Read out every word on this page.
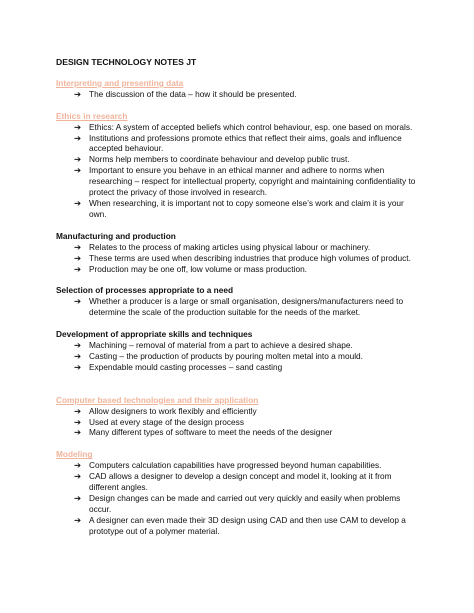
DESIGN TECHNOLOGY NOTES JT

Interpreting and presenting data

➔ The discussion of the data – how it should be presented.

Ethics in research

➔ Ethics: A system of accepted beliefs which control behaviour, esp. one based on morals.
➔ Institutions and professions promote ethics that reflect their aims, goals and influence accepted behaviour.
➔ Norms help members to coordinate behaviour and develop public trust.
➔ Important to ensure you behave in an ethical manner and adhere to norms when researching – respect for intellectual property, copyright and maintaining confidentiality to protect the privacy of those involved in research.
➔ When researching, it is important not to copy someone else’s work and claim it is your own.

Manufacturing and production

➔ Relates to the process of making articles using physical labour or machinery.
➔ These terms are used when describing industries that produce high volumes of product.
➔ Production may be one off, low volume or mass production.

Selection of processes appropriate to a need

➔ Whether a producer is a large or small organisation, designers/manufacturers need to determine the scale of the production suitable for the needs of the market.

Development of appropriate skills and techniques

➔ Machining – removal of material from a part to achieve a desired shape.
➔ Casting – the production of products by pouring molten metal into a mould.
➔ Expendable mould casting processes – sand casting

Computer based technologies and their application

➔ Allow designers to work flexibly and efficiently
➔ Used at every stage of the design process
➔ Many different types of software to meet the needs of the designer

Modeling

➔ Computers calculation capabilities have progressed beyond human capabilities.
➔ CAD allows a designer to develop a design concept and model it, looking at it from different angles.
➔ Design changes can be made and carried out very quickly and easily when problems occur.
➔ A designer can even made their 3D design using CAD and then use CAM to develop a prototype out of a polymer material.
